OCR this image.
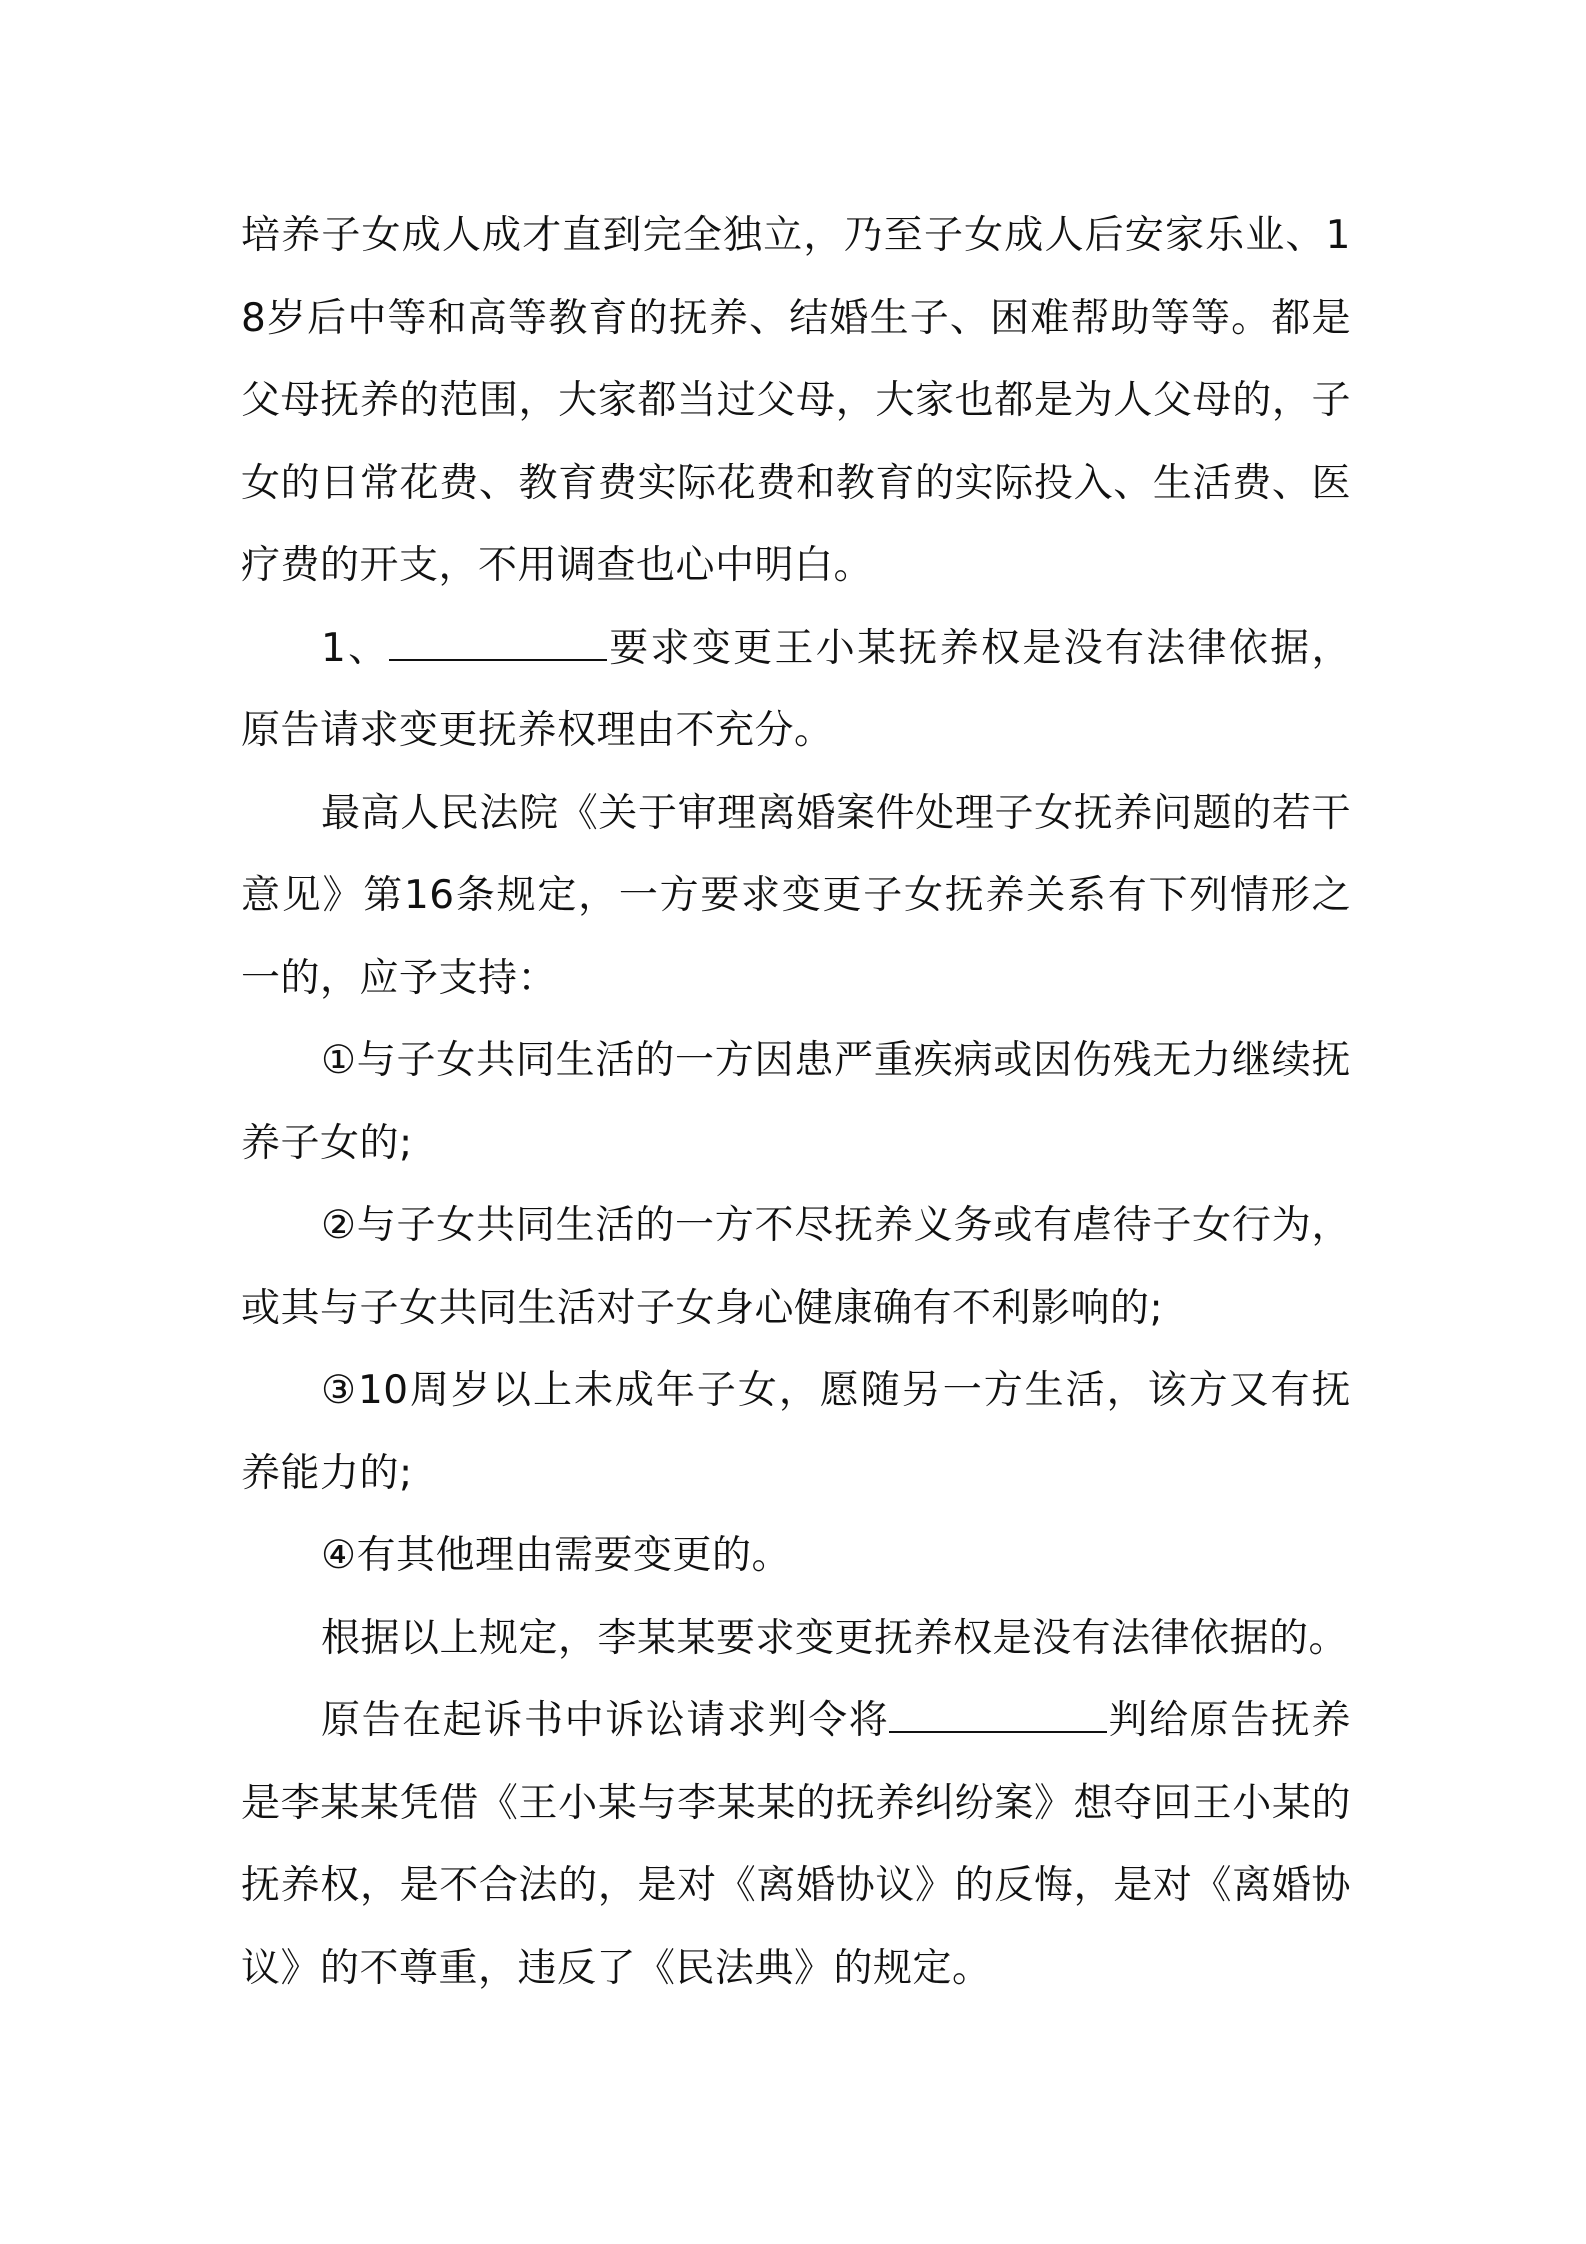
培养子女成人成才直到完全独立，乃至子女成人后安家乐业、18岁后中等和高等教育的抚养、结婚生子、困难帮助等等。都是父母抚养的范围，大家都当过父母，大家也都是为人父母的，子女的日常花费、教育费实际花费和教育的实际投入、生活费、医疗费的开支，不用调查也心中明白。

1、	要求变更王小某抚养权是没有法律依据，原告请求变更抚养权理由不充分。

最高人民法院《关于审理离婚案件处理子女抚养问题的若干意见》第16条规定，一方要求变更子女抚养关系有下列情形之一的，应予支持：

①与子女共同生活的一方因患严重疾病或因伤残无力继续抚养子女的;

②与子女共同生活的一方不尽抚养义务或有虐待子女行为，或其与子女共同生活对子女身心健康确有不利影响的;

③10周岁以上未成年子女，愿随另一方生活，该方又有抚养能力的;

④有其他理由需要变更的。

根据以上规定，李某某要求变更抚养权是没有法律依据的。

原告在起诉书中诉讼请求判令将	判给原告抚养是李某某凭借《王小某与李某某的抚养纠纷案》想夺回王小某的抚养权，是不合法的，是对《离婚协议》的反悔，是对《离婚协议》的不尊重，违反了《民法典》的规定。
